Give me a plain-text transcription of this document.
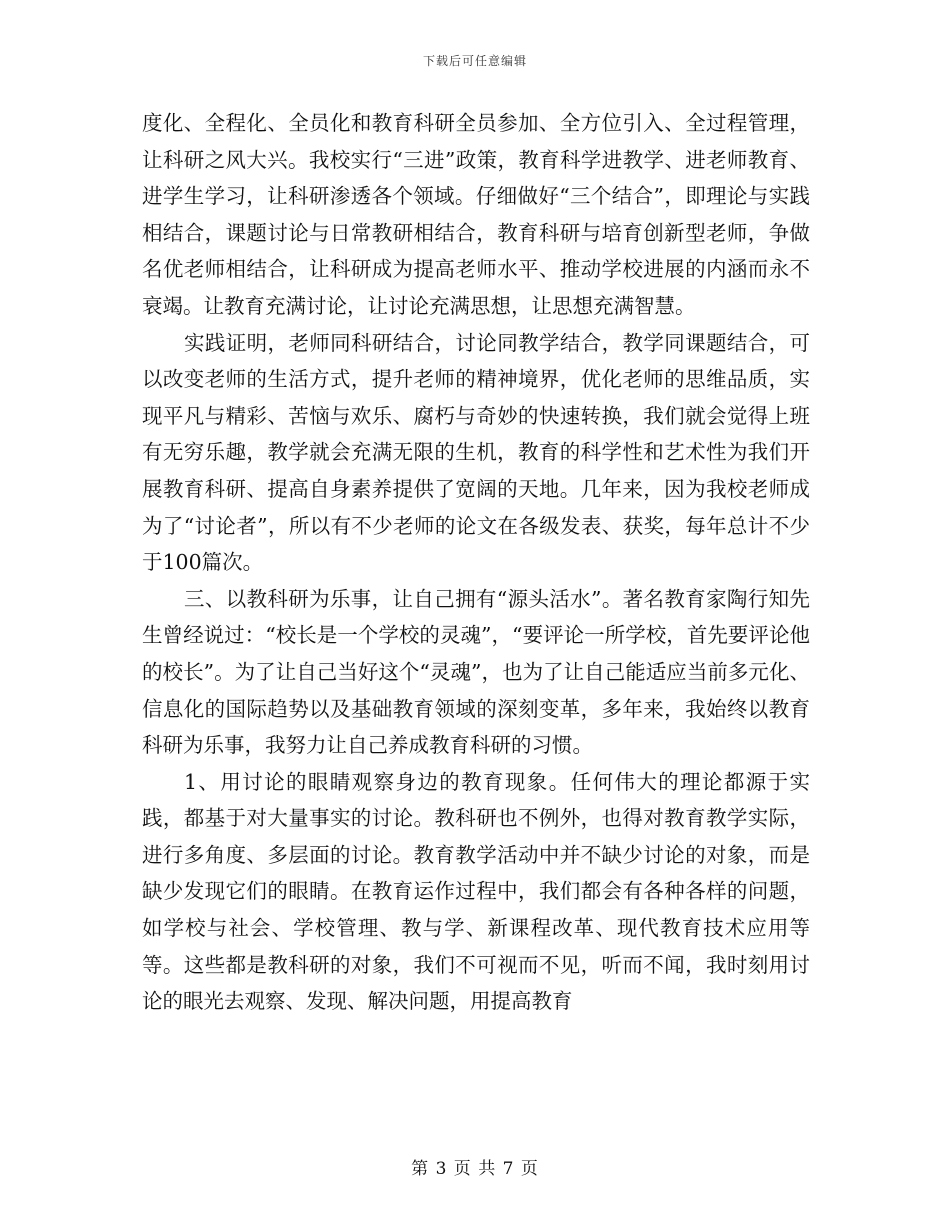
下载后可任意编辑

度化、全程化、全员化和教育科研全员参加、全方位引入、全过程管理，让科研之风大兴。我校实行“三进”政策，教育科学进教学、进老师教育、进学生学习，让科研渗透各个领域。仔细做好“三个结合”，即理论与实践相结合，课题讨论与日常教研相结合，教育科研与培育创新型老师，争做名优老师相结合，让科研成为提高老师水平、推动学校进展的内涵而永不衰竭。让教育充满讨论，让讨论充满思想，让思想充满智慧。

实践证明，老师同科研结合，讨论同教学结合，教学同课题结合，可以改变老师的生活方式，提升老师的精神境界，优化老师的思维品质，实现平凡与精彩、苦恼与欢乐、腐朽与奇妙的快速转换，我们就会觉得上班有无穷乐趣，教学就会充满无限的生机，教育的科学性和艺术性为我们开展教育科研、提高自身素养提供了宽阔的天地。几年来，因为我校老师成为了“讨论者”，所以有不少老师的论文在各级发表、获奖，每年总计不少于100篇次。

三、以教科研为乐事，让自己拥有“源头活水”。著名教育家陶行知先生曾经说过：“校长是一个学校的灵魂”，“要评论一所学校，首先要评论他的校长”。为了让自己当好这个“灵魂”，也为了让自己能适应当前多元化、信息化的国际趋势以及基础教育领域的深刻变革，多年来，我始终以教育科研为乐事，我努力让自己养成教育科研的习惯。

1、用讨论的眼睛观察身边的教育现象。任何伟大的理论都源于实践，都基于对大量事实的讨论。教科研也不例外，也得对教育教学实际，进行多角度、多层面的讨论。教育教学活动中并不缺少讨论的对象，而是缺少发现它们的眼睛。在教育运作过程中，我们都会有各种各样的问题，如学校与社会、学校管理、教与学、新课程改革、现代教育技术应用等等。这些都是教科研的对象，我们不可视而不见，听而不闻，我时刻用讨论的眼光去观察、发现、解决问题，用提高教育

第 3 页 共 7 页
